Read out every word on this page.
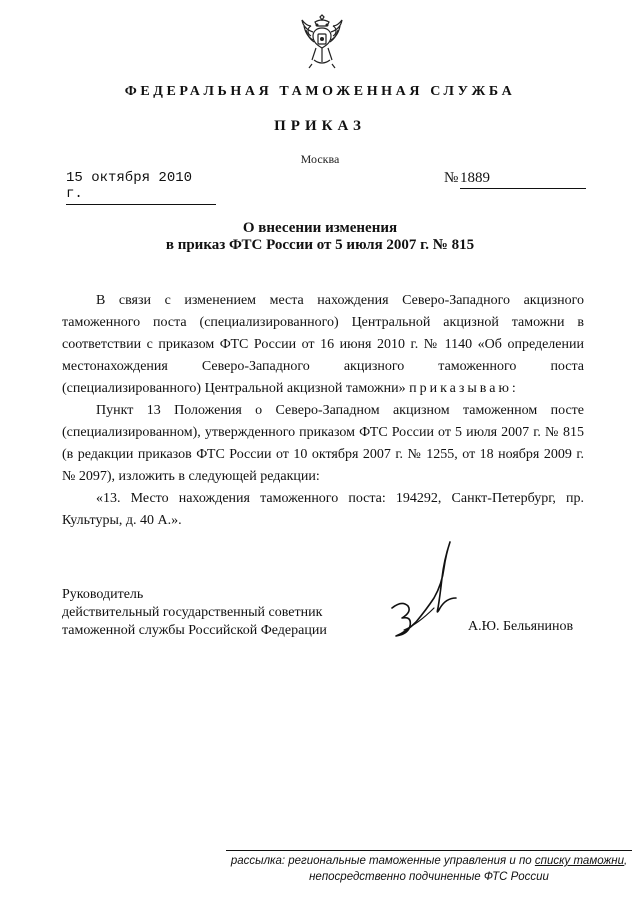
ФЕДЕРАЛЬНАЯ ТАМОЖЕННАЯ СЛУЖБА
ПРИКАЗ
Москва
15 октября 2010 г.
№ 1889
О внесении изменения
в приказ ФТС России от 5 июля 2007 г. № 815

В связи с изменением места нахождения Северо-Западного акцизного таможенного поста (специализированного) Центральной акцизной таможни в соответствии с приказом ФТС России от 16 июня 2010 г. № 1140 «Об определении местонахождения Северо-Западного акцизного таможенного поста (специализированного) Центральной акцизной таможни» приказываю:

Пункт 13 Положения о Северо-Западном акцизном таможенном посте (специализированном), утвержденного приказом ФТС России от 5 июля 2007 г. № 815 (в редакции приказов ФТС России от 10 октября 2007 г. № 1255, от 18 ноября 2009 г. № 2097), изложить в следующей редакции:

«13. Место нахождения таможенного поста: 194292, Санкт-Петербург, пр. Культуры, д. 40 А.».

Руководитель
действительный государственный советник
таможенной службы Российской Федерации	А.Ю. Бельянинов
рассылка: региональные таможенные управления и по списку таможни,
непосредственно подчиненные ФТС России
